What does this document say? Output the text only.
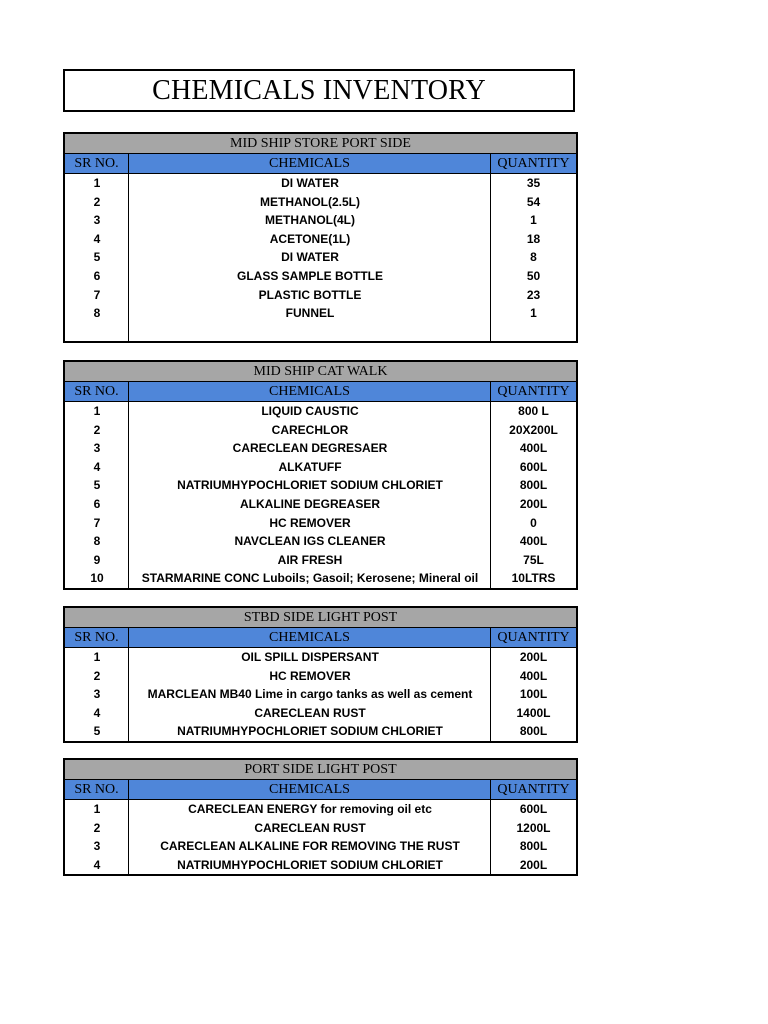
CHEMICALS INVENTORY
MID SHIP STORE PORT SIDE
SR NO.	CHEMICALS	QUANTITY
1	DI WATER	35
2	METHANOL(2.5L)	54
3	METHANOL(4L)	1
4	ACETONE(1L)	18
5	DI WATER	8
6	GLASS SAMPLE BOTTLE	50
7	PLASTIC BOTTLE	23
8	FUNNEL	1
MID SHIP CAT WALK
SR NO.	CHEMICALS	QUANTITY
1	LIQUID CAUSTIC	800 L
2	CARECHLOR	20X200L
3	CARECLEAN DEGRESAER	400L
4	ALKATUFF	600L
5	NATRIUMHYPOCHLORIET SODIUM CHLORIET	800L
6	ALKALINE DEGREASER	200L
7	HC REMOVER	0
8	NAVCLEAN IGS CLEANER	400L
9	AIR FRESH	75L
10	STARMARINE CONC Luboils; Gasoil; Kerosene; Mineral oil	10LTRS
STBD SIDE LIGHT POST
SR NO.	CHEMICALS	QUANTITY
1	OIL SPILL DISPERSANT	200L
2	HC REMOVER	400L
3	MARCLEAN MB40 Lime in cargo tanks as well as cement	100L
4	CARECLEAN RUST	1400L
5	NATRIUMHYPOCHLORIET SODIUM CHLORIET	800L
PORT SIDE LIGHT POST
SR NO.	CHEMICALS	QUANTITY
1	CARECLEAN ENERGY for removing oil etc	600L
2	CARECLEAN RUST	1200L
3	CARECLEAN ALKALINE FOR REMOVING THE RUST	800L
4	NATRIUMHYPOCHLORIET SODIUM CHLORIET	200L
